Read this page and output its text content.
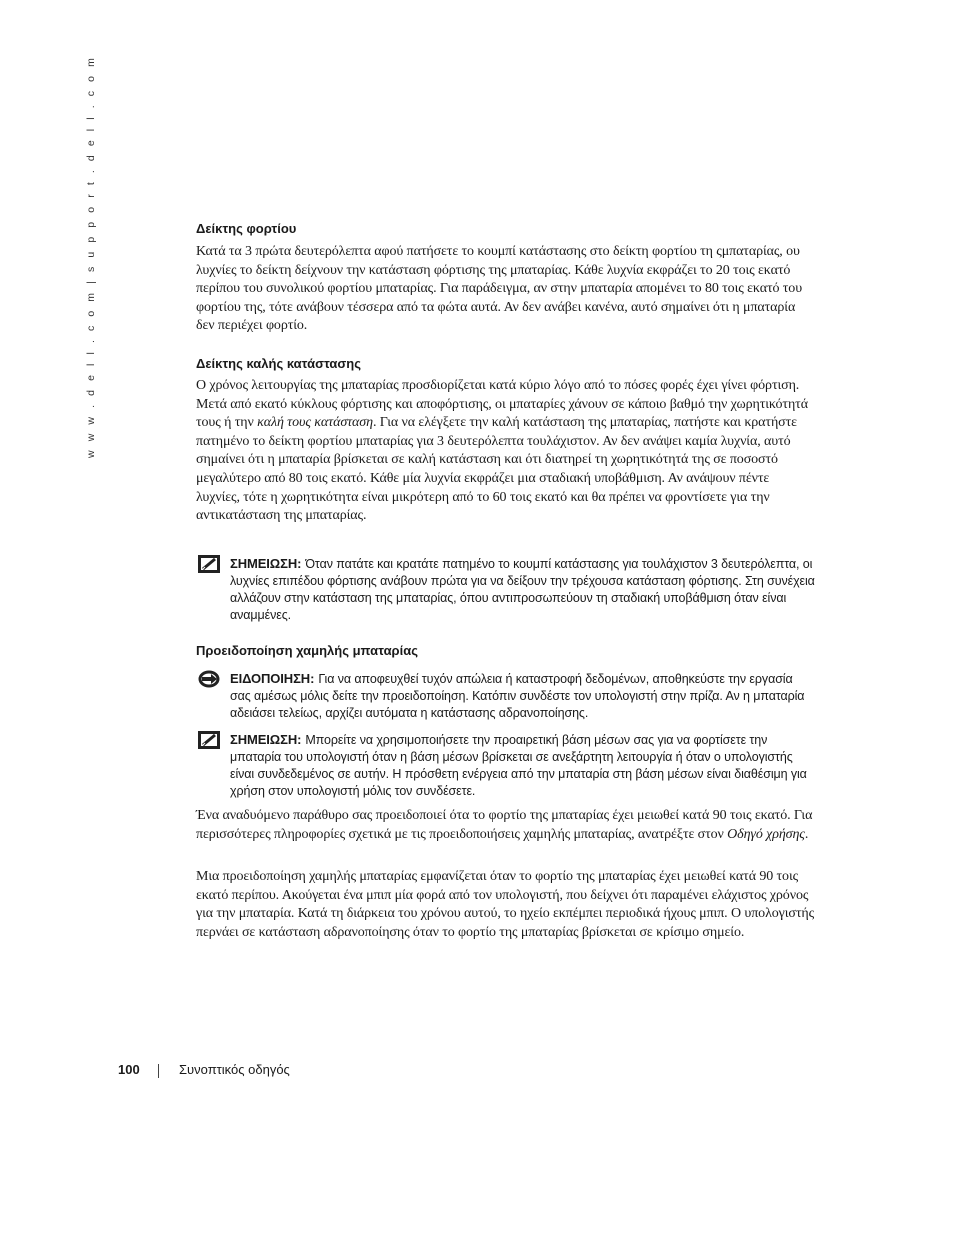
w w w . d e l l . c o m | s u p p o r t . d e l l . c o m	Δείκτης φορτίου

Κατά τα 3 πρώτα δευτερόλεπτα αφού πατήσετε το κουμπί κατάστασης στο δείκτη φορτίου τη ςμπαταρίας, ου λυχνίες το δείκτη δείχνουν την κατάσταση φόρτισης της μπαταρίας. Κάθε λυχνία εκφράζει το 20 τοις εκατό περίπου του συνολικού φορτίου μπαταρίας. Για παράδειγμα, αν στην μπαταρία απομένει το 80 τοις εκατό του φορτίου της, τότε ανάβουν τέσσερα από τα φώτα αυτά. Αν δεν ανάβει κανένα, αυτό σημαίνει ότι η μπαταρία δεν περιέχει φορτίο.

Δείκτης καλής κατάστασης

Ο χρόνος λειτουργίας της μπαταρίας προσδιορίζεται κατά κύριο λόγο από το πόσες φορές έχει γίνει φόρτιση. Μετά από εκατό κύκλους φόρτισης και αποφόρτισης, οι μπαταρίες χάνουν σε κάποιο βαθμό την χωρητικότητά τους ή την καλή τους κατάσταση. Για να ελέγξετε την καλή κατάσταση της μπαταρίας, πατήστε και κρατήστε πατημένο το δείκτη φορτίου μπαταρίας για 3 δευτερόλεπτα τουλάχιστον. Αν δεν ανάψει καμία λυχνία, αυτό σημαίνει ότι η μπαταρία βρίσκεται σε καλή κατάσταση και ότι διατηρεί τη χωρητικότητά της σε ποσοστό μεγαλύτερο από 80 τοις εκατό. Κάθε μία λυχνία εκφράζει μια σταδιακή υποβάθμιση. Αν ανάψουν πέντε λυχνίες, τότε η χωρητικότητα είναι μικρότερη από το 60 τοις εκατό και θα πρέπει να φροντίσετε για την αντικατάσταση της μπαταρίας.

ΣΗΜΕΙΩΣΗ: Όταν πατάτε και κρατάτε πατημένο το κουμπί κατάστασης για τουλάχιστον 3 δευτερόλεπτα, οι λυχνίες επιπέδου φόρτισης ανάβουν πρώτα για να δείξουν την τρέχουσα κατάσταση φόρτισης. Στη συνέχεια αλλάζουν στην κατάσταση της μπαταρίας, όπου αντιπροσωπεύουν τη σταδιακή υποβάθμιση όταν είναι αναμμένες.
Προειδοποίηση χαμηλής μπαταρίας
ΕΙΔΟΠΟΙΗΣΗ: Για να αποφευχθεί τυχόν απώλεια ή καταστροφή δεδομένων, αποθηκεύστε την εργασία σας αμέσως μόλις δείτε την προειδοποίηση. Κατόπιν συνδέστε τον υπολογιστή στην πρίζα. Αν η μπαταρία αδειάσει τελείως, αρχίζει αυτόματα η κατάστασης αδρανοποίησης.
ΣΗΜΕΙΩΣΗ: Μπορείτε να χρησιμοποιήσετε την προαιρετική βάση μέσων σας για να φορτίσετε την μπαταρία του υπολογιστή όταν η βάση μέσων βρίσκεται σε ανεξάρτητη λειτουργία ή όταν ο υπολογιστής είναι συνδεδεμένος σε αυτήν. Η πρόσθετη ενέργεια από την μπαταρία στη βάση μέσων είναι διαθέσιμη για χρήση στον υπολογιστή μόλις τον συνδέσετε.

Ένα αναδυόμενο παράθυρο σας προειδοποιεί ότα το φορτίο της μπαταρίας έχει μειωθεί κατά 90 τοις εκατό. Για περισσότερες πληροφορίες σχετικά με τις προειδοποιήσεις χαμηλής μπαταρίας, ανατρέξτε στον Οδηγό χρήσης.

Μια προειδοποίηση χαμηλής μπαταρίας εμφανίζεται όταν το φορτίο της μπαταρίας έχει μειωθεί κατά 90 τοις εκατό περίπου. Ακούγεται ένα μπιπ μία φορά από τον υπολογιστή, που δείχνει ότι παραμένει ελάχιστος χρόνος για την μπαταρία. Κατά τη διάρκεια του χρόνου αυτού, το ηχείο εκπέμπει περιοδικά ήχους μπιπ. Ο υπολογιστής περνάει σε κατάσταση αδρανοποίησης όταν το φορτίο της μπαταρίας βρίσκεται σε κρίσιμο σημείο.

100	Συνοπτικός οδηγός
